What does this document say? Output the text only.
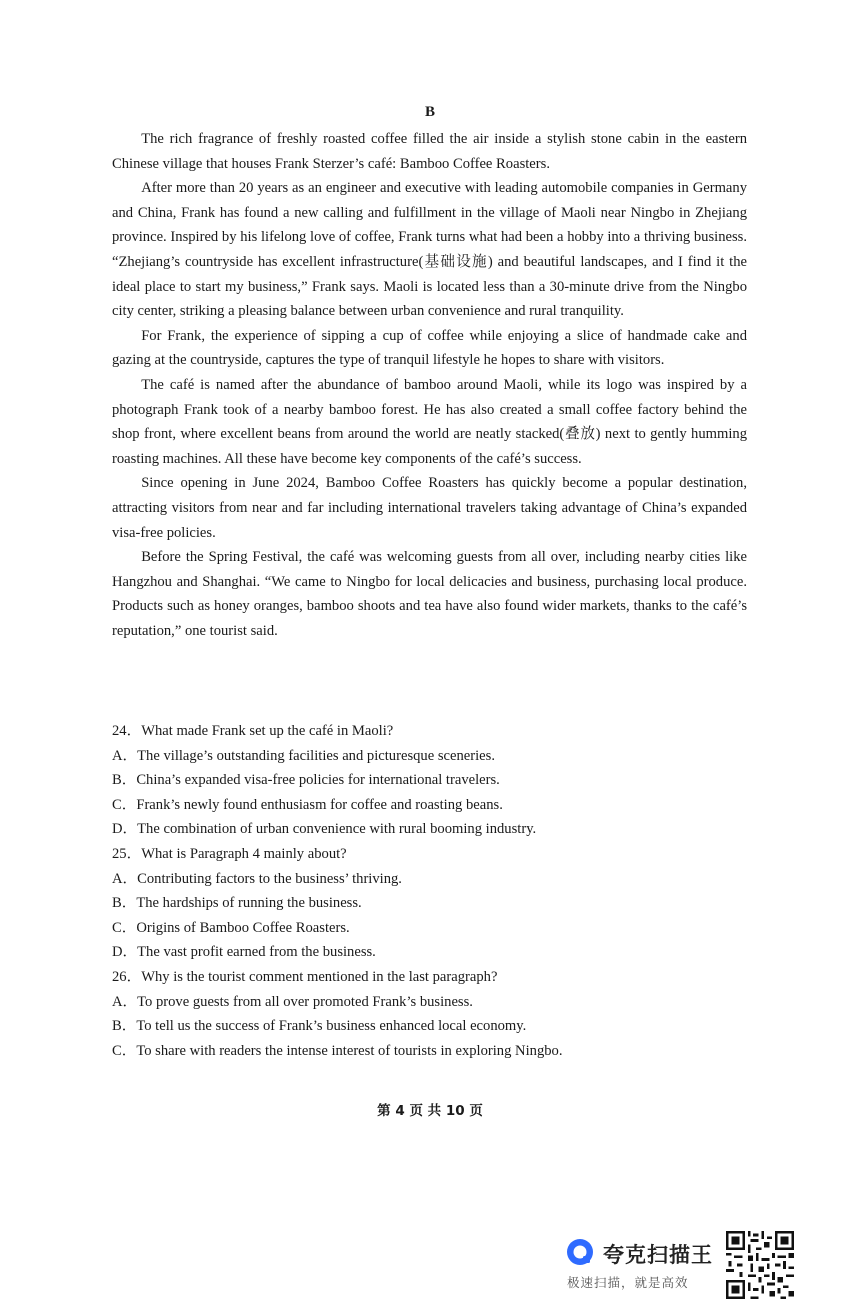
B

The rich fragrance of freshly roasted coffee filled the air inside a stylish stone cabin in the eastern Chinese village that houses Frank Sterzer’s café: Bamboo Coffee Roasters.

After more than 20 years as an engineer and executive with leading automobile companies in Germany and China, Frank has found a new calling and fulfillment in the village of Maoli near Ningbo in Zhejiang province. Inspired by his lifelong love of coffee, Frank turns what had been a hobby into a thriving business. “Zhejiang’s countryside has excellent infrastructure(基础设施) and beautiful landscapes, and I find it the ideal place to start my business,” Frank says. Maoli is located less than a 30-minute drive from the Ningbo city center, striking a pleasing balance between urban convenience and rural tranquility.

For Frank, the experience of sipping a cup of coffee while enjoying a slice of handmade cake and gazing at the countryside, captures the type of tranquil lifestyle he hopes to share with visitors.

The café is named after the abundance of bamboo around Maoli, while its logo was inspired by a photograph Frank took of a nearby bamboo forest. He has also created a small coffee factory behind the shop front, where excellent beans from around the world are neatly stacked(叠放) next to gently humming roasting machines. All these have become key components of the café’s success.

Since opening in June 2024, Bamboo Coffee Roasters has quickly become a popular destination, attracting visitors from near and far including international travelers taking advantage of China’s expanded visa-free policies.

Before the Spring Festival, the café was welcoming guests from all over, including nearby cities like Hangzhou and Shanghai. “We came to Ningbo for local delicacies and business, purchasing local produce. Products such as honey oranges, bamboo shoots and tea have also found wider markets, thanks to the café’s reputation,” one tourist said.

24．What made Frank set up the café in Maoli?

A．The village’s outstanding facilities and picturesque sceneries.

B．China’s expanded visa-free policies for international travelers.

C．Frank’s newly found enthusiasm for coffee and roasting beans.

D．The combination of urban convenience with rural booming industry.

25．What is Paragraph 4 mainly about?

A．Contributing factors to the business’ thriving.

B．The hardships of running the business.

C．Origins of Bamboo Coffee Roasters.

D．The vast profit earned from the business.

26．Why is the tourist comment mentioned in the last paragraph?

A．To prove guests from all over promoted Frank’s business.

B．To tell us the success of Frank’s business enhanced local economy.

C．To share with readers the intense interest of tourists in exploring Ningbo.

第 4 页 共 10 页
夸克扫描王
极速扫描，就是高效
